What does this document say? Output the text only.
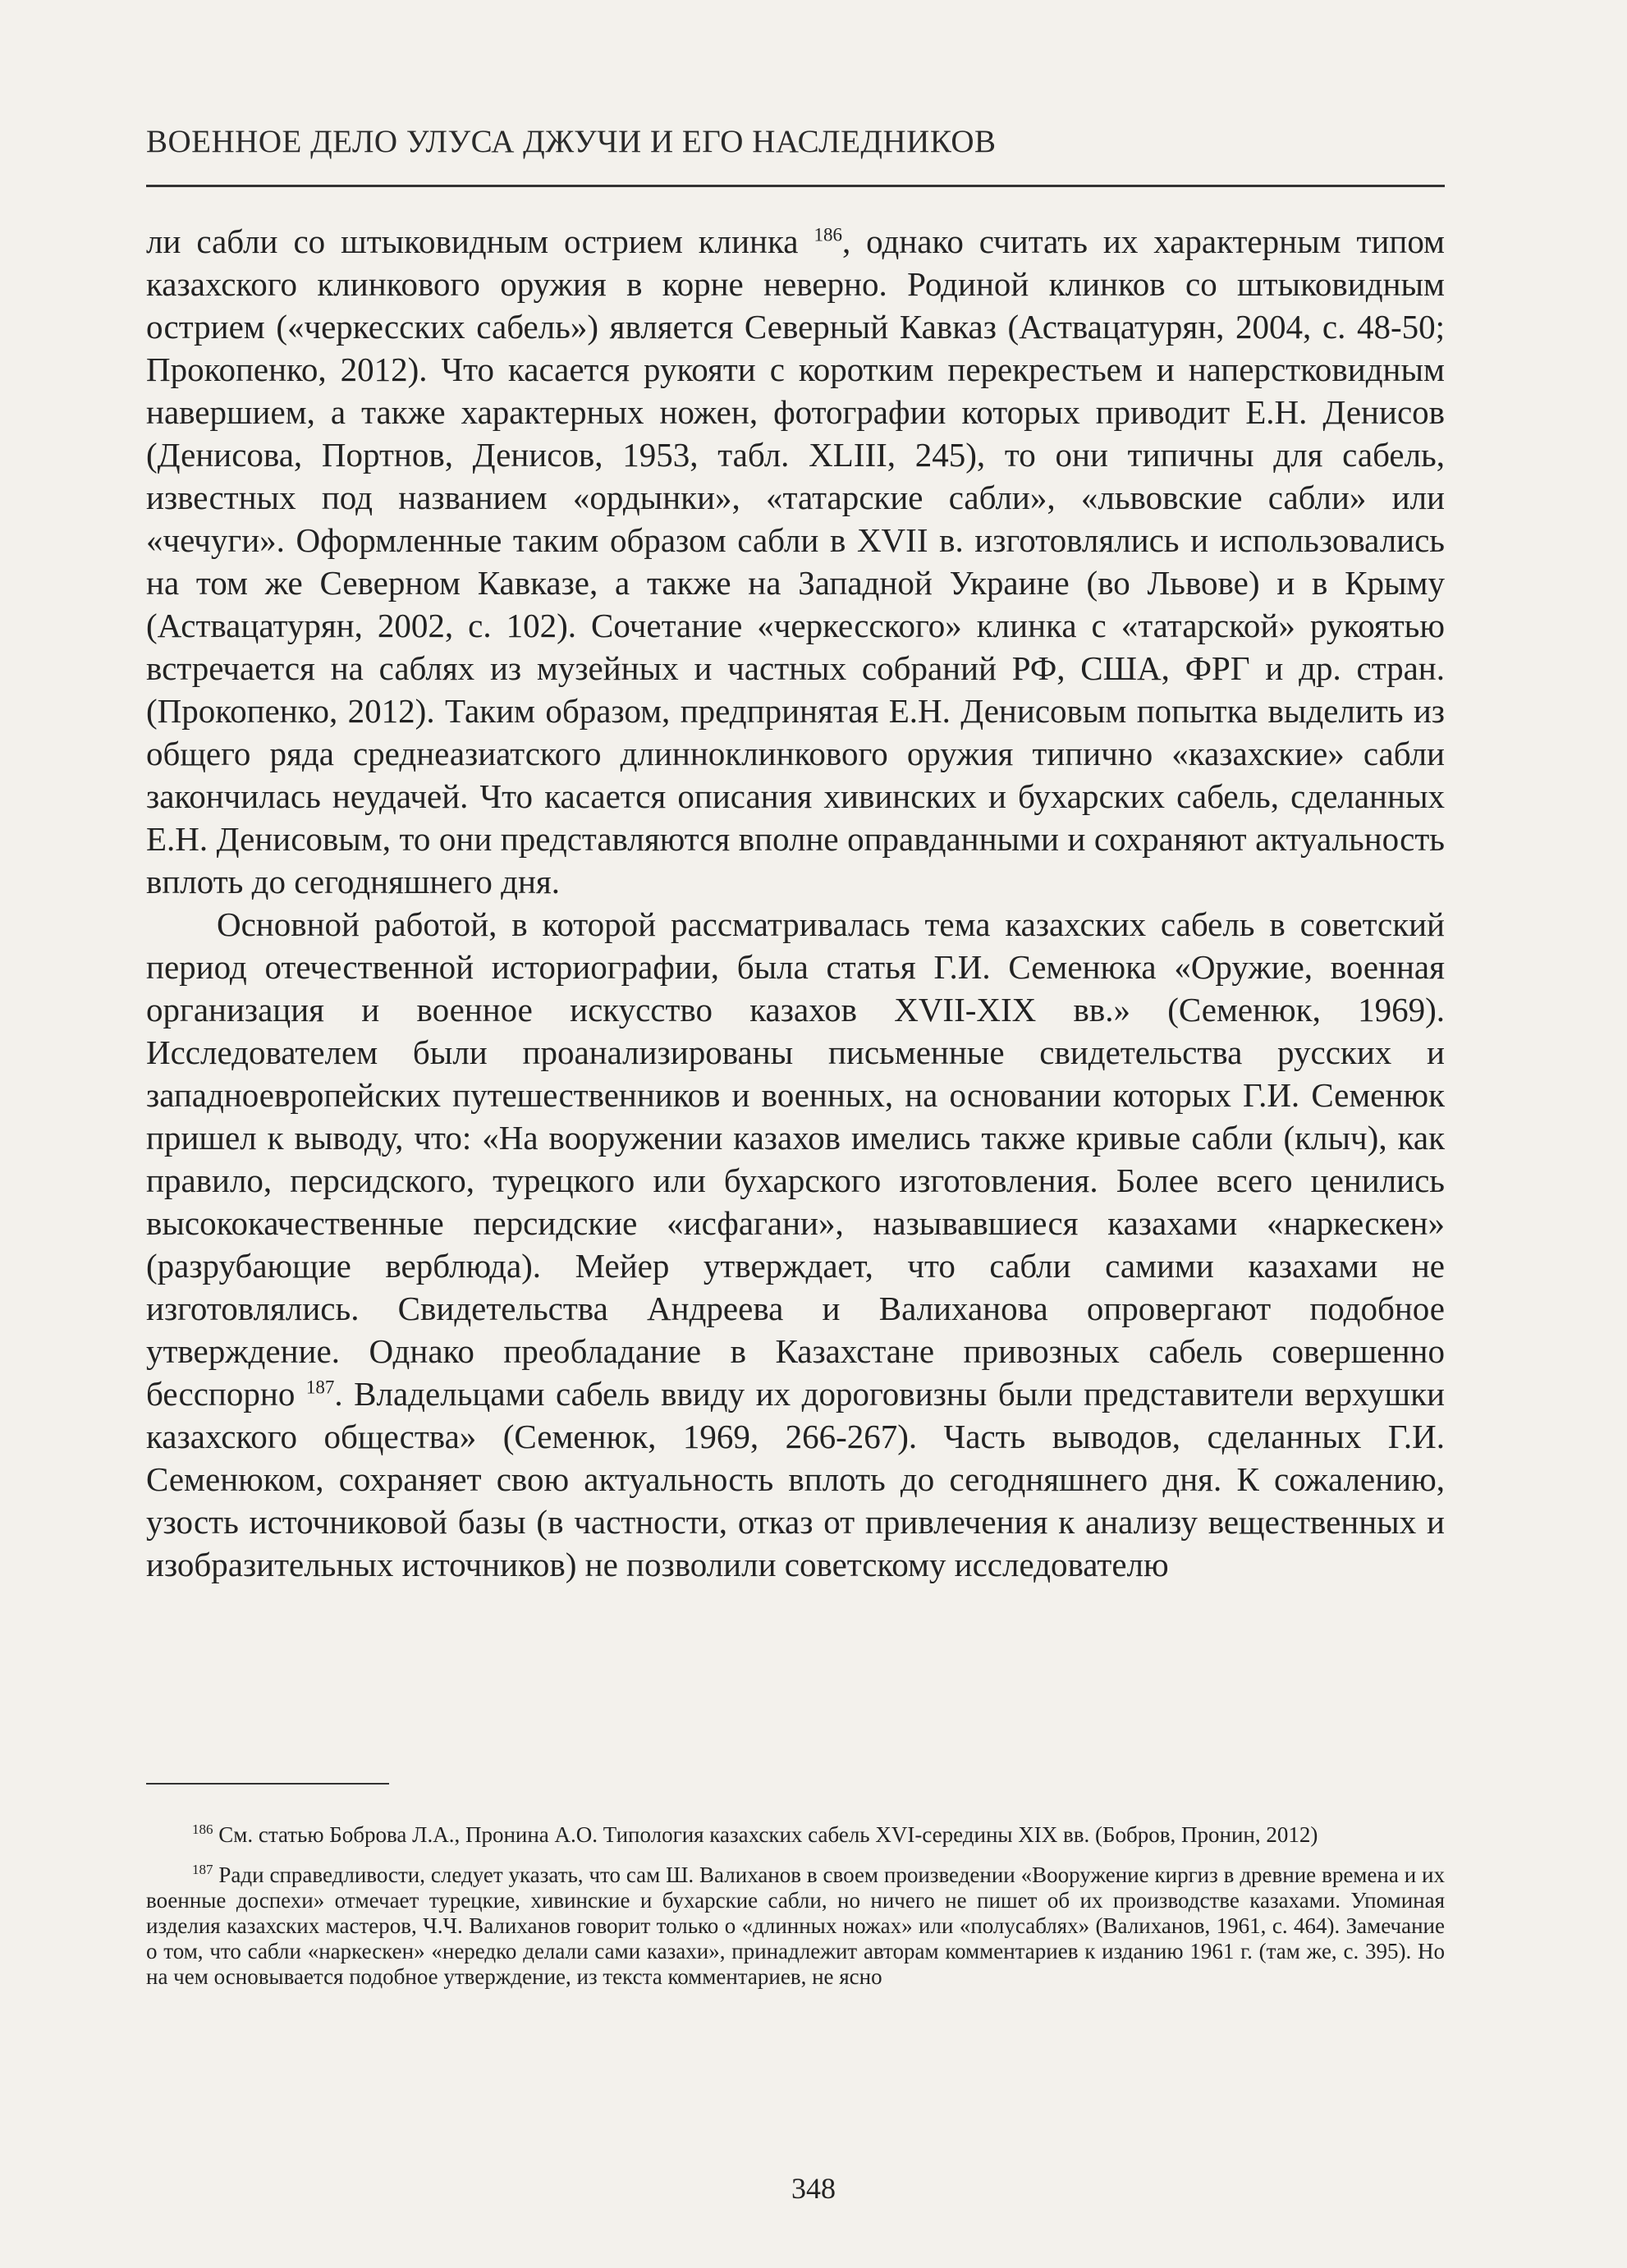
ВОЕННОЕ ДЕЛО УЛУСА ДЖУЧИ И ЕГО НАСЛЕДНИКОВ

ли сабли со штыковидным острием клинка $^{186}$, однако считать их характерным типом казахского клинкового оружия в корне неверно. Родиной клинков со штыковидным острием («черкесских сабель») является Северный Кавказ (Аствацатурян, 2004, с. 48-50; Прокопенко, 2012). Что касается рукояти с коротким перекрестьем и наперстковидным навершием, а также характерных ножен, фотографии которых приводит Е.Н. Денисов (Денисова, Портнов, Денисов, 1953, табл. XLIII, 245), то они типичны для сабель, известных под названием «ордынки», «татарские сабли», «львовские сабли» или «чечуги». Оформленные таким образом сабли в XVII в. изготовлялись и использовались на том же Северном Кавказе, а также на Западной Украине (во Львове) и в Крыму (Аствацатурян, 2002, с. 102). Сочетание «черкесского» клинка с «татарской» рукоятью встречается на саблях из музейных и частных собраний РФ, США, ФРГ и др. стран. (Прокопенко, 2012). Таким образом, предпринятая Е.Н. Денисовым попытка выделить из общего ряда среднеазиатского длинноклинкового оружия типично «казахские» сабли закончилась неудачей. Что касается описания хивинских и бухарских сабель, сделанных Е.Н. Денисовым, то они представляются вполне оправданными и сохраняют актуальность вплоть до сегодняшнего дня.

Основной работой, в которой рассматривалась тема казахских сабель в советский период отечественной историографии, была статья Г.И. Семенюка «Оружие, военная организация и военное искусство казахов XVII-XIX вв.» (Семенюк, 1969). Исследователем были проанализированы письменные свидетельства русских и западноевропейских путешественников и военных, на основании которых Г.И. Семенюк пришел к выводу, что: «На вооружении казахов имелись также кривые сабли (клыч), как правило, персидского, турецкого или бухарского изготовления. Более всего ценились высококачественные персидские «исфагани», называвшиеся казахами «наркескен» (разрубающие верблюда). Мейер утверждает, что сабли самими казахами не изготовлялись. Свидетельства Андреева и Валиханова опровергают подобное утверждение. Однако преобладание в Казахстане привозных сабель совершенно бесспорно $^{187}$. Владельцами сабель ввиду их дороговизны были представители верхушки казахского общества» (Семенюк, 1969, 266-267). Часть выводов, сделанных Г.И. Семенюком, сохраняет свою актуальность вплоть до сегодняшнего дня. К сожалению, узость источниковой базы (в частности, отказ от привлечения к анализу вещественных и изобразительных источников) не позволили советскому исследователю

$^{186}$ См. статью Боброва Л.А., Пронина А.О. Типология казахских сабель XVI-середины XIX вв. (Бобров, Пронин, 2012)

$^{187}$ Ради справедливости, следует указать, что сам Ш. Валиханов в своем произведении «Вооружение киргиз в древние времена и их военные доспехи» отмечает турецкие, хивинские и бухарские сабли, но ничего не пишет об их производстве казахами. Упоминая изделия казахских мастеров, Ч.Ч. Валиханов говорит только о «длинных ножах» или «полусаблях» (Валиханов, 1961, с. 464). Замечание о том, что сабли «наркескен» «нередко делали сами казахи», принадлежит авторам комментариев к изданию 1961 г. (там же, с. 395). Но на чем основывается подобное утверждение, из текста комментариев, не ясно

348
